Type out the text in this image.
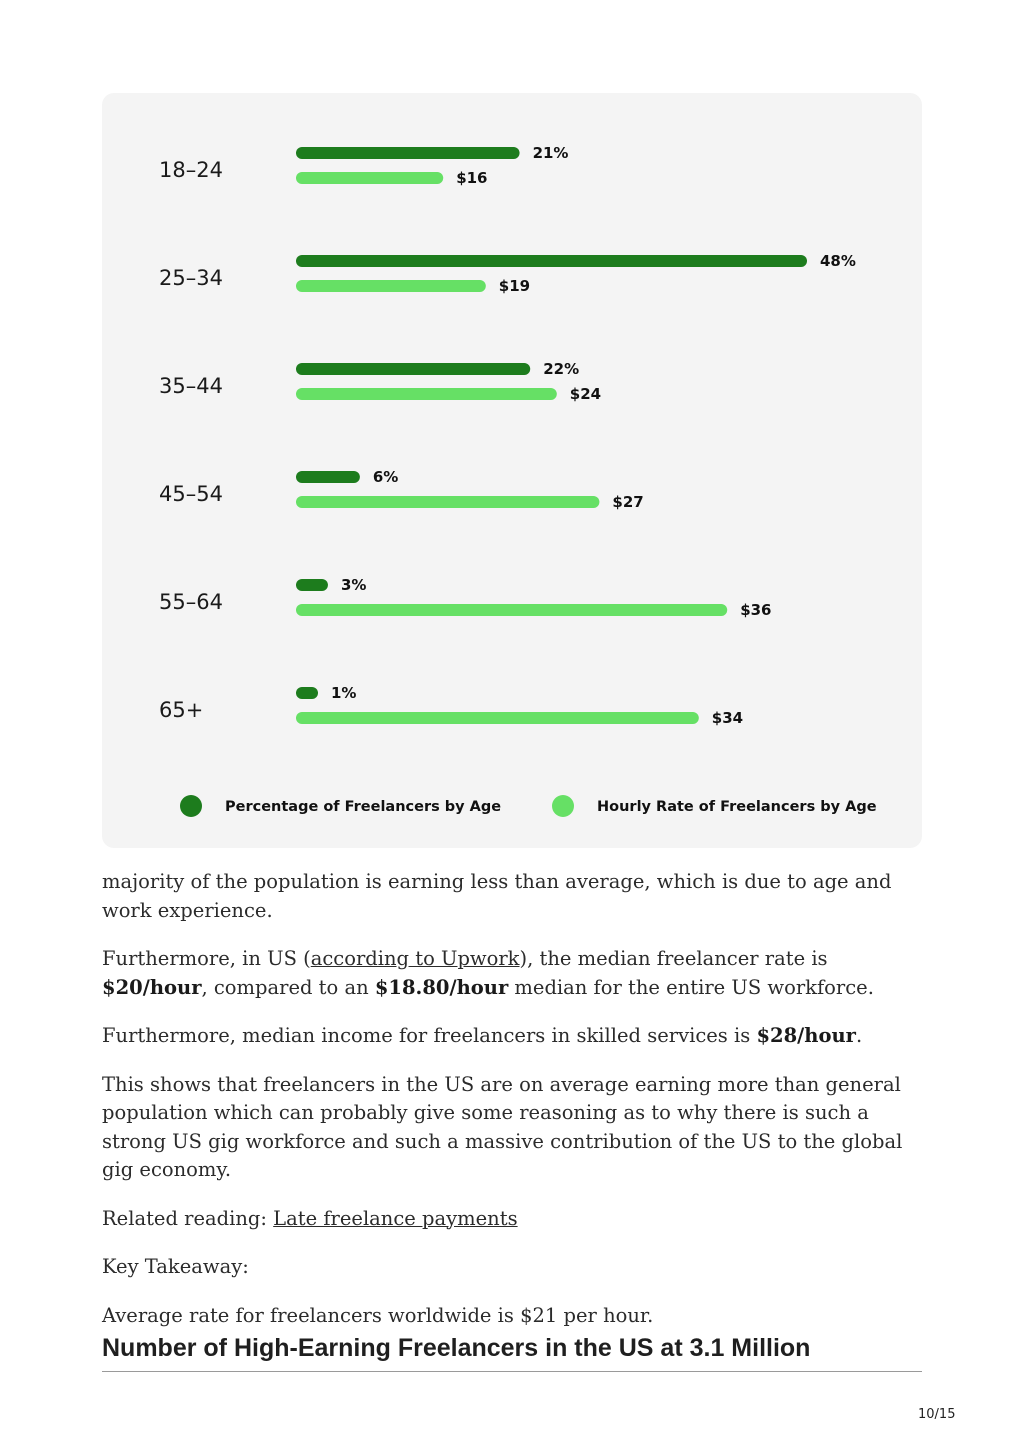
18–24
21%
$16
25–34
48%
$19
35–44
22%
$24
45–54
6%
$27
55–64
3%
$36
65+
1%
$34
Percentage of Freelancers by Age	Hourly Rate of Freelancers by Age

majority of the population is earning less than average, which is due to age and work experience.

Furthermore, in US (according to Upwork), the median freelancer rate is $20/hour, compared to an $18.80/hour median for the entire US workforce.

Furthermore, median income for freelancers in skilled services is $28/hour.

This shows that freelancers in the US are on average earning more than general population which can probably give some reasoning as to why there is such a strong US gig workforce and such a massive contribution of the US to the global gig economy.

Related reading: Late freelance payments

Key Takeaway:

Average rate for freelancers worldwide is $21 per hour.

Number of High-Earning Freelancers in the US at 3.1 Million
10/15
